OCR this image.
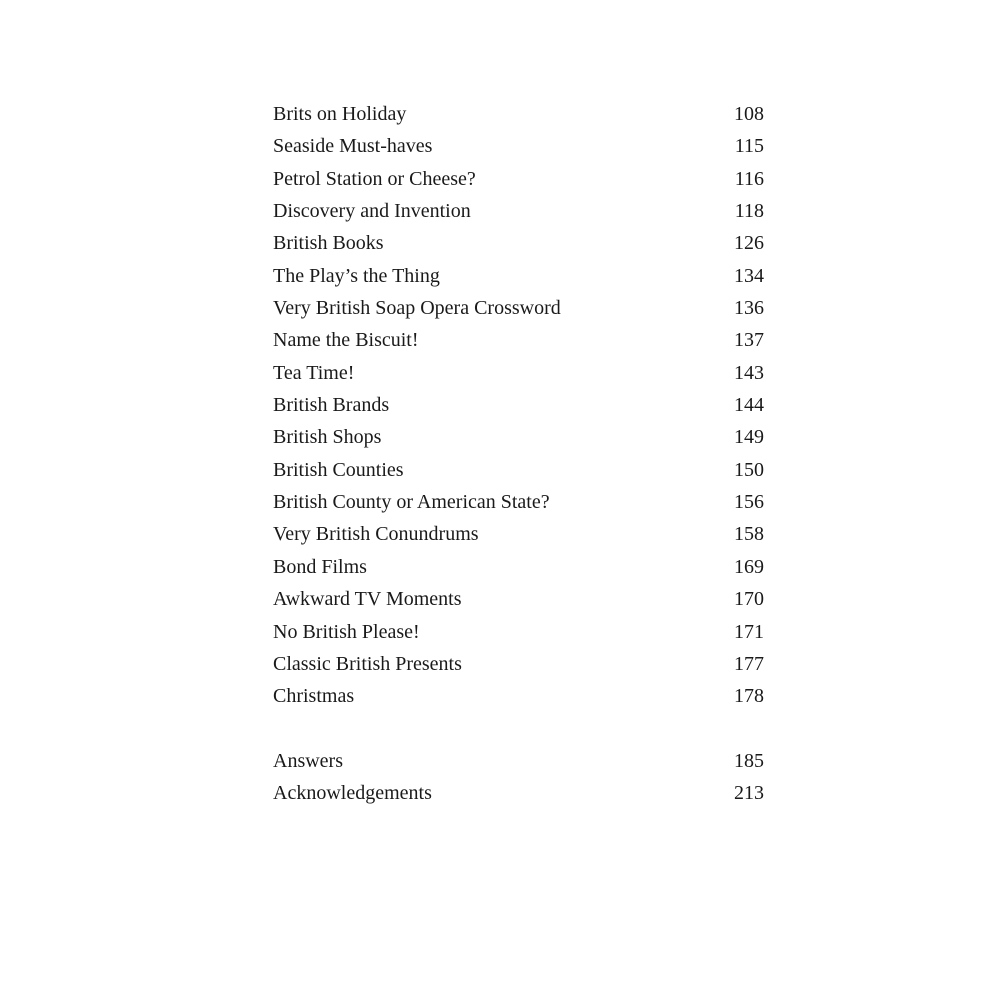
Brits on Holiday	108
Seaside Must-haves	115
Petrol Station or Cheese?	116
Discovery and Invention	118
British Books	126
The Play’s the Thing	134
Very British Soap Opera Crossword	136
Name the Biscuit!	137
Tea Time!	143
British Brands	144
British Shops	149
British Counties	150
British County or American State?	156
Very British Conundrums	158
Bond Films	169
Awkward TV Moments	170
No British Please!	171
Classic British Presents	177
Christmas	178
Answers	185
Acknowledgements	213
